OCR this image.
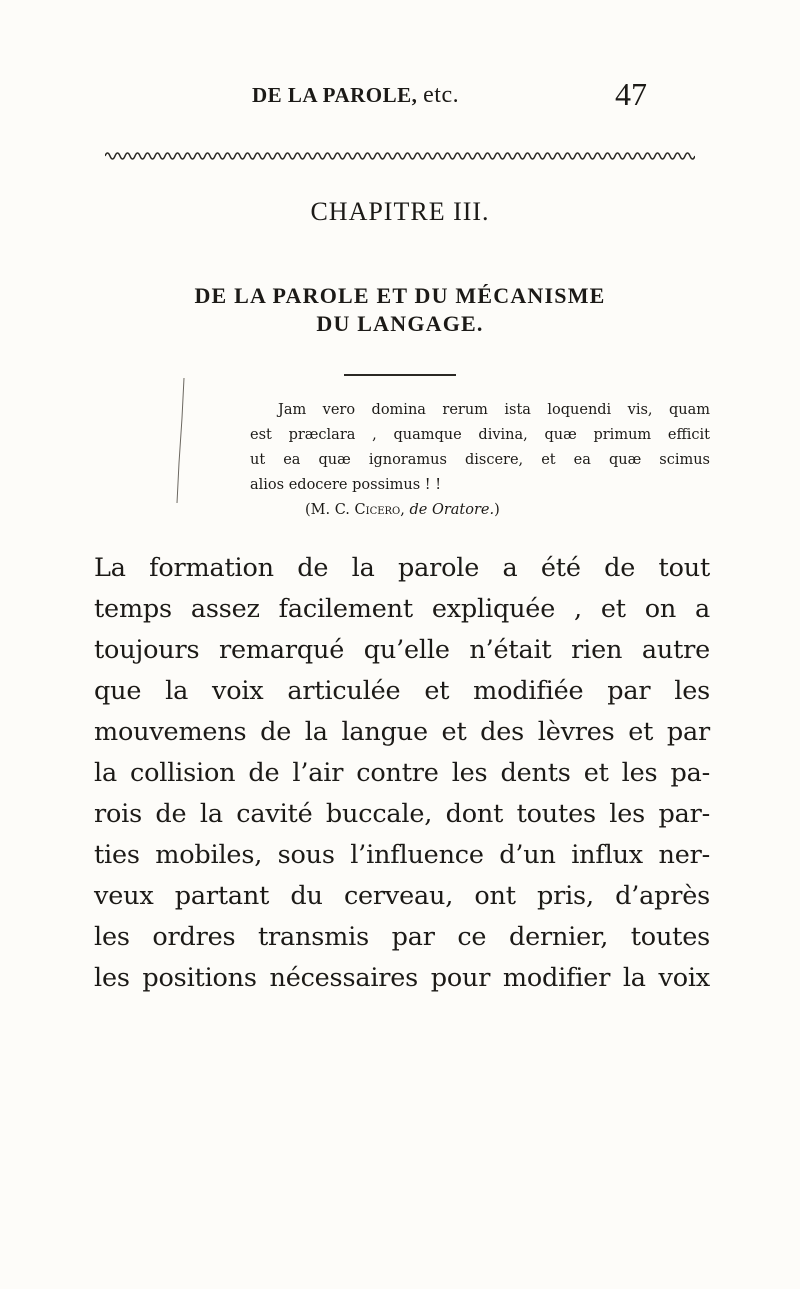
DE LA PAROLE, etc.	47
CHAPITRE III.
DE LA PAROLE ET DU MÉCANISME
DU LANGAGE.
Jam vero domina rerum ista loquendi vis, quam
est præclara , quamque divina, quæ primum efficit
ut ea quæ ignoramus discere, et ea quæ scimus
alios edocere possimus ! !
(M. C. Cicero, de Oratore.)
La formation de la parole a été de tout
temps assez facilement expliquée , et on a
toujours remarqué qu’elle n’était rien autre
que la voix articulée et modifiée par les
mouvemens de la langue et des lèvres et par
la collision de l’air contre les dents et les pa-
rois de la cavité buccale, dont toutes les par-
ties mobiles, sous l’influence d’un influx ner-
veux partant du cerveau, ont pris, d’après
les ordres transmis par ce dernier, toutes
les positions nécessaires pour modifier la voix
